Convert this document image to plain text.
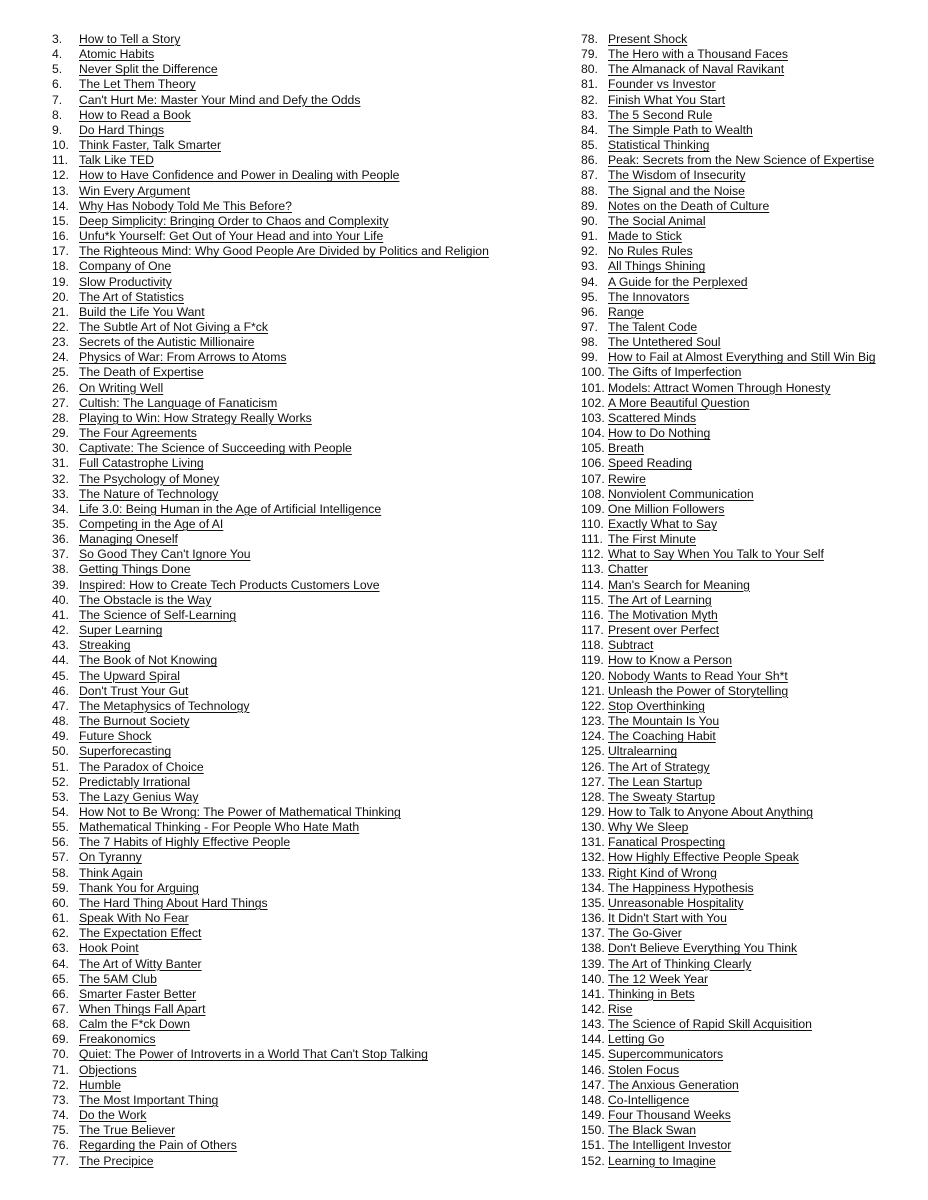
3.	How to Tell a Story
4.	Atomic Habits
5.	Never Split the Difference
6.	The Let Them Theory
7.	Can't Hurt Me: Master Your Mind and Defy the Odds
8.	How to Read a Book
9.	Do Hard Things
10. Think Faster, Talk Smarter
11. Talk Like TED
12. How to Have Confidence and Power in Dealing with People
13. Win Every Argument
14. Why Has Nobody Told Me This Before?
15. Deep Simplicity: Bringing Order to Chaos and Complexity
16. Unfu*k Yourself: Get Out of Your Head and into Your Life
17. The Righteous Mind: Why Good People Are Divided by Politics and Religion
18. Company of One
19. Slow Productivity
20. The Art of Statistics
21. Build the Life You Want
22. The Subtle Art of Not Giving a F*ck
23. Secrets of the Autistic Millionaire
24. Physics of War: From Arrows to Atoms
25. The Death of Expertise
26. On Writing Well
27. Cultish: The Language of Fanaticism
28. Playing to Win: How Strategy Really Works
29. The Four Agreements
30. Captivate: The Science of Succeeding with People
31. Full Catastrophe Living
32. The Psychology of Money
33. The Nature of Technology
34. Life 3.0: Being Human in the Age of Artificial Intelligence
35. Competing in the Age of AI
36. Managing Oneself
37. So Good They Can't Ignore You
38. Getting Things Done
39. Inspired: How to Create Tech Products Customers Love
40. The Obstacle is the Way
41. The Science of Self-Learning
42. Super Learning
43. Streaking
44. The Book of Not Knowing
45. The Upward Spiral
46. Don't Trust Your Gut
47. The Metaphysics of Technology
48. The Burnout Society
49. Future Shock
50. Superforecasting
51. The Paradox of Choice
52. Predictably Irrational
53. The Lazy Genius Way
54. How Not to Be Wrong: The Power of Mathematical Thinking
55. Mathematical Thinking - For People Who Hate Math
56. The 7 Habits of Highly Effective People
57. On Tyranny
58. Think Again
59. Thank You for Arguing
60. The Hard Thing About Hard Things
61. Speak With No Fear
62. The Expectation Effect
63. Hook Point
64. The Art of Witty Banter
65. The 5AM Club
66. Smarter Faster Better
67. When Things Fall Apart
68. Calm the F*ck Down
69. Freakonomics
70. Quiet: The Power of Introverts in a World That Can't Stop Talking
71. Objections
72. Humble
73. The Most Important Thing
74. Do the Work
75. The True Believer
76. Regarding the Pain of Others
77. The Precipice
78. Present Shock
79. The Hero with a Thousand Faces
80. The Almanack of Naval Ravikant
81. Founder vs Investor
82. Finish What You Start
83. The 5 Second Rule
84. The Simple Path to Wealth
85. Statistical Thinking
86. Peak: Secrets from the New Science of Expertise
87. The Wisdom of Insecurity
88. The Signal and the Noise
89. Notes on the Death of Culture
90. The Social Animal
91. Made to Stick
92. No Rules Rules
93. All Things Shining
94. A Guide for the Perplexed
95. The Innovators
96. Range
97. The Talent Code
98. The Untethered Soul
99. How to Fail at Almost Everything and Still Win Big
100. The Gifts of Imperfection
101. Models: Attract Women Through Honesty
102. A More Beautiful Question
103. Scattered Minds
104. How to Do Nothing
105. Breath
106. Speed Reading
107. Rewire
108. Nonviolent Communication
109. One Million Followers
110. Exactly What to Say
111. The First Minute
112. What to Say When You Talk to Your Self
113. Chatter
114. Man's Search for Meaning
115. The Art of Learning
116. The Motivation Myth
117. Present over Perfect
118. Subtract
119. How to Know a Person
120. Nobody Wants to Read Your Sh*t
121. Unleash the Power of Storytelling
122. Stop Overthinking
123. The Mountain Is You
124. The Coaching Habit
125. Ultralearning
126. The Art of Strategy
127. The Lean Startup
128. The Sweaty Startup
129. How to Talk to Anyone About Anything
130. Why We Sleep
131. Fanatical Prospecting
132. How Highly Effective People Speak
133. Right Kind of Wrong
134. The Happiness Hypothesis
135. Unreasonable Hospitality
136. It Didn't Start with You
137. The Go-Giver
138. Don't Believe Everything You Think
139. The Art of Thinking Clearly
140. The 12 Week Year
141. Thinking in Bets
142. Rise
143. The Science of Rapid Skill Acquisition
144. Letting Go
145. Supercommunicators
146. Stolen Focus
147. The Anxious Generation
148. Co-Intelligence
149. Four Thousand Weeks
150. The Black Swan
151. The Intelligent Investor
152. Learning to Imagine
